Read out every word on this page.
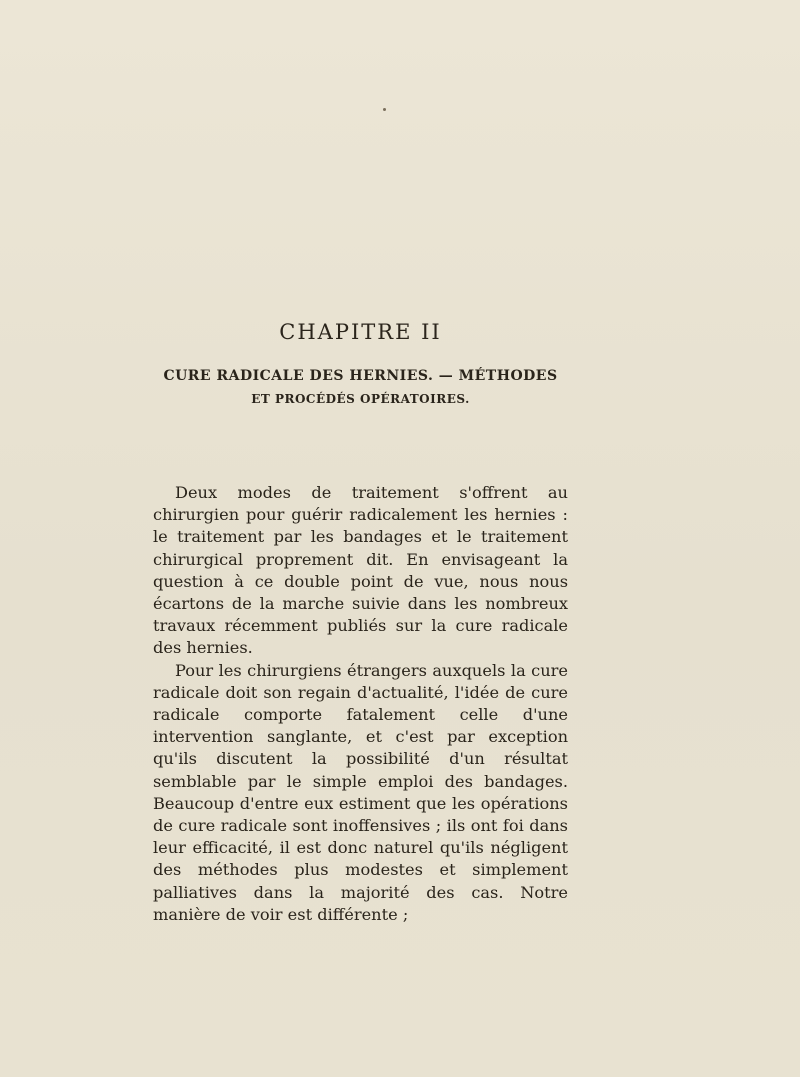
CHAPITRE II
CURE RADICALE DES HERNIES. — MÉTHODES
ET PROCÉDÉS OPÉRATOIRES.

Deux modes de traitement s'offrent au chirurgien pour guérir radicalement les hernies : le traitement par les bandages et le traitement chirurgical proprement dit. En envisageant la question à ce double point de vue, nous nous écartons de la marche suivie dans les nombreux travaux récemment publiés sur la cure radicale des hernies.

Pour les chirurgiens étrangers auxquels la cure radicale doit son regain d'actualité, l'idée de cure radicale comporte fatalement celle d'une intervention sanglante, et c'est par exception qu'ils discutent la possibilité d'un résultat semblable par le simple emploi des bandages. Beaucoup d'entre eux estiment que les opérations de cure radicale sont inoffensives ; ils ont foi dans leur efficacité, il est donc naturel qu'ils négligent des méthodes plus modestes et simplement palliatives dans la majorité des cas. Notre manière de voir est différente ;
